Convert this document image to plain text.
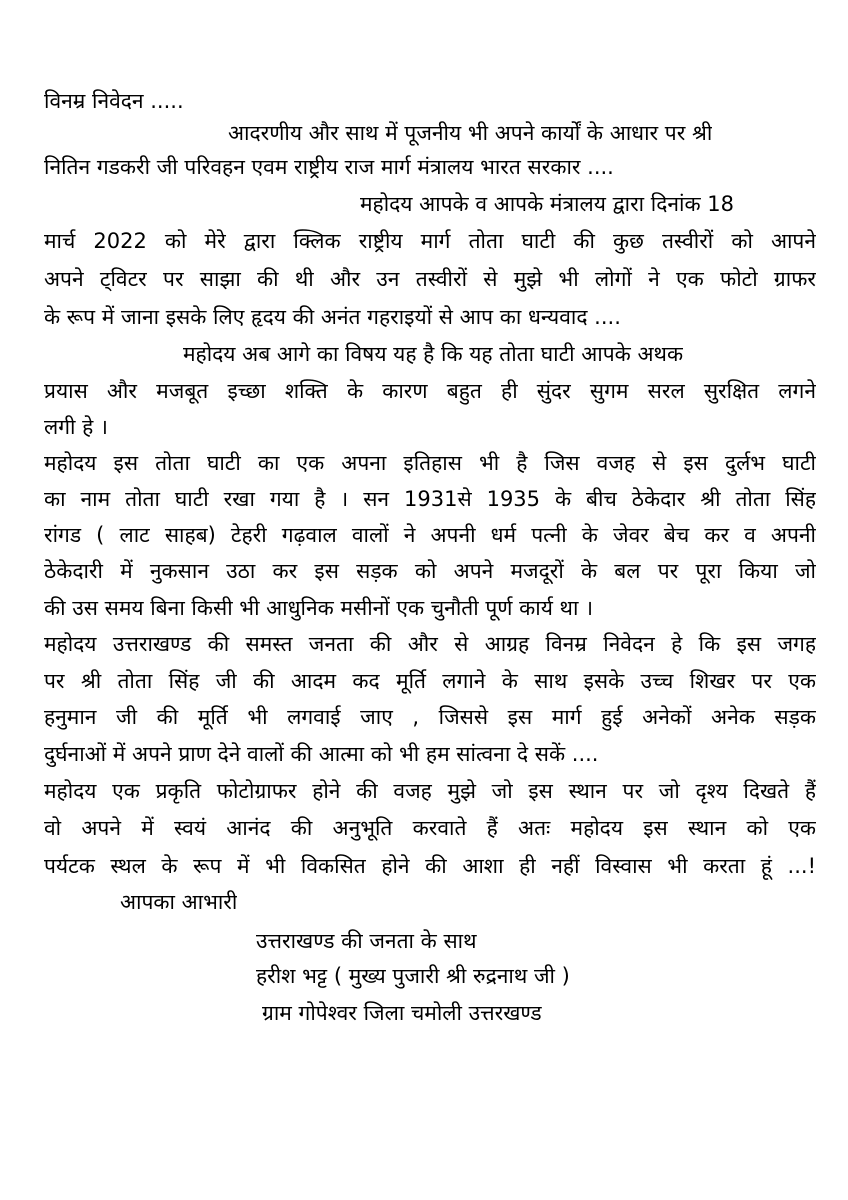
विनम्र निवेदन .....
आदरणीय और साथ में पूजनीय भी अपने कार्यों के आधार पर श्री
नितिन गडकरी जी परिवहन एवम राष्ट्रीय राज मार्ग मंत्रालय भारत सरकार ....
महोदय आपके व आपके मंत्रालय द्वारा दिनांक 18
मार्च 2022 को मेरे द्वारा क्लिक राष्ट्रीय मार्ग तोता घाटी की कुछ तस्वीरों को आपने
अपने ट्विटर पर साझा की थी और उन तस्वीरों से मुझे भी लोगों ने एक फोटो ग्राफर
के रूप में जाना इसके लिए हृदय की अनंत गहराइयों से आप का धन्यवाद ....
महोदय अब आगे का विषय यह है कि यह तोता घाटी आपके अथक
प्रयास और मजबूत इच्छा शक्ति के कारण बहुत ही सुंदर सुगम सरल सुरक्षित लगने
लगी हे ।
महोदय इस तोता घाटी का एक अपना इतिहास भी है जिस वजह से इस दुर्लभ घाटी
का नाम तोता घाटी रखा गया है । सन 1931से 1935 के बीच ठेकेदार श्री तोता सिंह
रांगड ( लाट साहब) टेहरी गढ़वाल वालों ने अपनी धर्म पत्नी के जेवर बेच कर व अपनी
ठेकेदारी में नुकसान उठा कर इस सड़क को अपने मजदूरों के बल पर पूरा किया जो
की उस समय बिना किसी भी आधुनिक मसीनों एक चुनौती पूर्ण कार्य था ।
महोदय उत्तराखण्ड की समस्त जनता की और से आग्रह विनम्र निवेदन हे कि इस जगह
पर श्री तोता सिंह जी की आदम कद मूर्ति लगाने के साथ इसके उच्च शिखर पर एक
हनुमान जी की मूर्ति भी लगवाई जाए , जिससे इस मार्ग हुई अनेकों अनेक सड़क
दुर्घनाओं में अपने प्राण देने वालों की आत्मा को भी हम सांत्वना दे सकें ....
महोदय एक प्रकृति फोटोग्राफर होने की वजह मुझे जो इस स्थान पर जो दृश्य दिखते हैं
वो अपने में स्वयं आनंद की अनुभूति करवाते हैं अतः महोदय इस स्थान को एक
पर्यटक स्थल के रूप में भी विकसित होने की आशा ही नहीं विस्वास भी करता हूं ...!
आपका आभारी
उत्तराखण्ड की जनता के साथ
हरीश भट्ट ( मुख्य पुजारी श्री रुद्रनाथ जी )
ग्राम गोपेश्वर जिला चमोली उत्तरखण्ड
